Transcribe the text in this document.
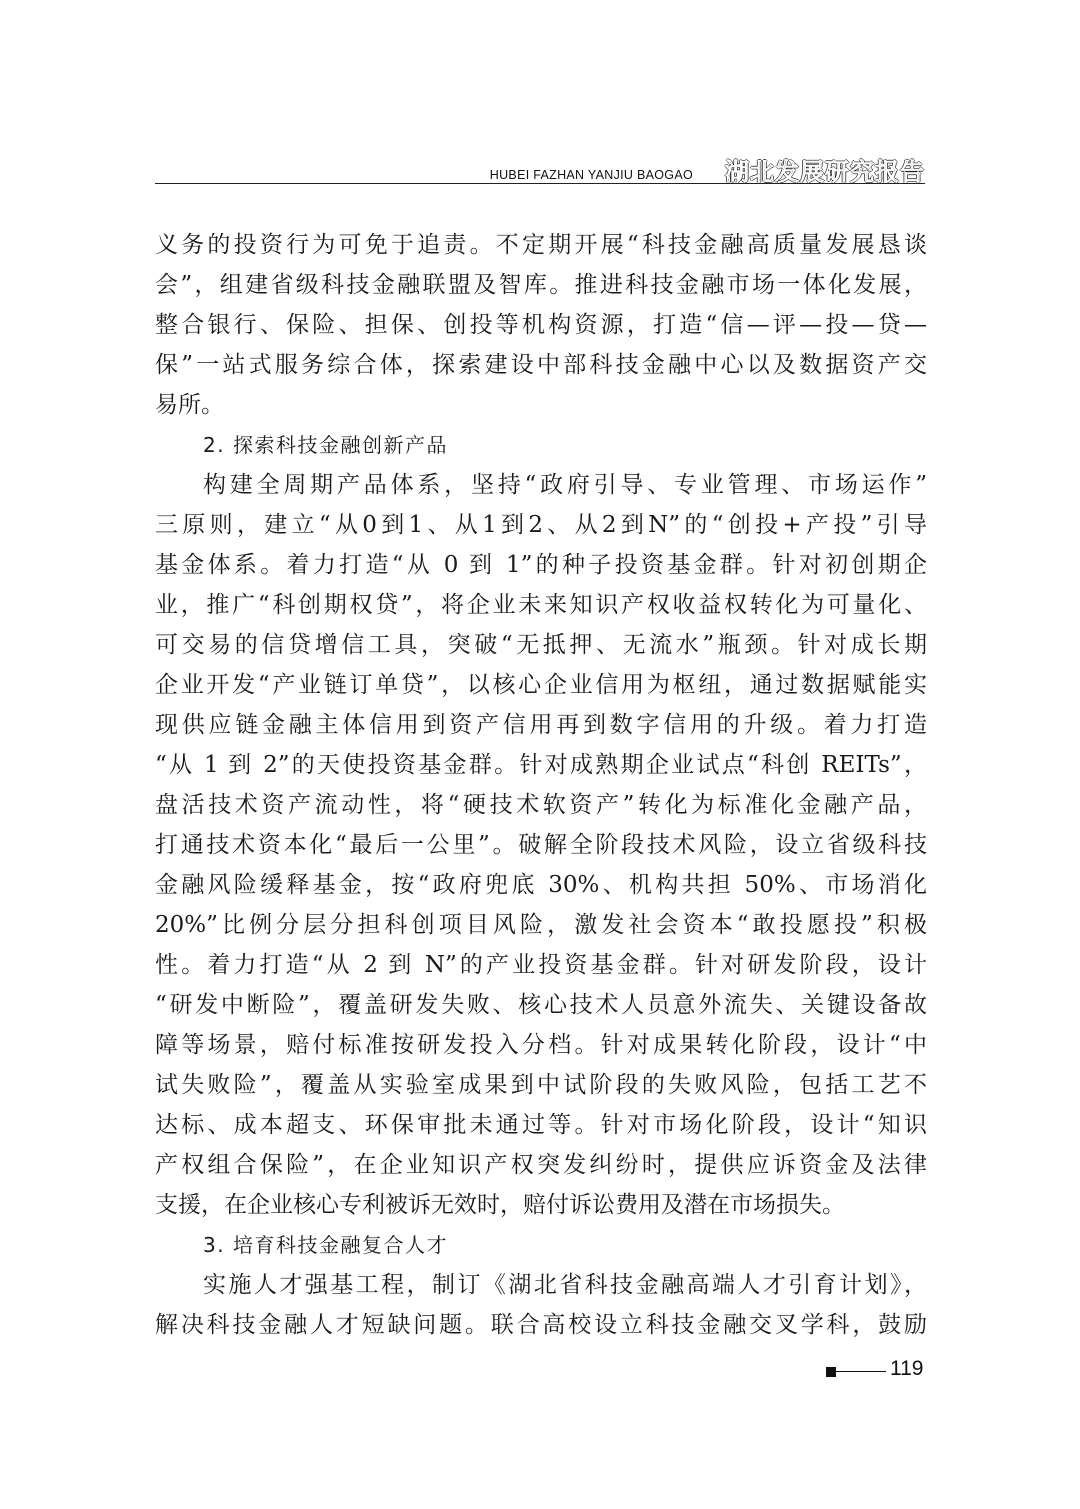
HUBEI FAZHAN YANJIU BAOGAO 湖北发展研究报告
义务的投资行为可免于追责。不定期开展“科技金融高质量发展恳谈
会”，组建省级科技金融联盟及智库。推进科技金融市场一体化发展，
整合银行、保险、担保、创投等机构资源，打造“信—评—投—贷—
保”一站式服务综合体，探索建设中部科技金融中心以及数据资产交
易所。
2. 探索科技金融创新产品
构建全周期产品体系，坚持“政府引导、专业管理、市场运作”
三原则，建立“从0到1、从1到2、从2到N”的“创投+产投”引导
基金体系。着力打造“从 0 到 1”的种子投资基金群。针对初创期企
业，推广“科创期权贷”，将企业未来知识产权收益权转化为可量化、
可交易的信贷增信工具，突破“无抵押、无流水”瓶颈。针对成长期
企业开发“产业链订单贷”，以核心企业信用为枢纽，通过数据赋能实
现供应链金融主体信用到资产信用再到数字信用的升级。着力打造
“从 1 到 2”的天使投资基金群。针对成熟期企业试点“科创 REITs”，
盘活技术资产流动性，将“硬技术软资产”转化为标准化金融产品，
打通技术资本化“最后一公里”。破解全阶段技术风险，设立省级科技
金融风险缓释基金，按“政府兜底 30%、机构共担 50%、市场消化
20%”比例分层分担科创项目风险，激发社会资本“敢投愿投”积极
性。着力打造“从 2 到 N”的产业投资基金群。针对研发阶段，设计
“研发中断险”，覆盖研发失败、核心技术人员意外流失、关键设备故
障等场景，赔付标准按研发投入分档。针对成果转化阶段，设计“中
试失败险”，覆盖从实验室成果到中试阶段的失败风险，包括工艺不
达标、成本超支、环保审批未通过等。针对市场化阶段，设计“知识
产权组合保险”，在企业知识产权突发纠纷时，提供应诉资金及法律
支援，在企业核心专利被诉无效时，赔付诉讼费用及潜在市场损失。
3. 培育科技金融复合人才
实施人才强基工程，制订《湖北省科技金融高端人才引育计划》，
解决科技金融人才短缺问题。联合高校设立科技金融交叉学科，鼓励
119
